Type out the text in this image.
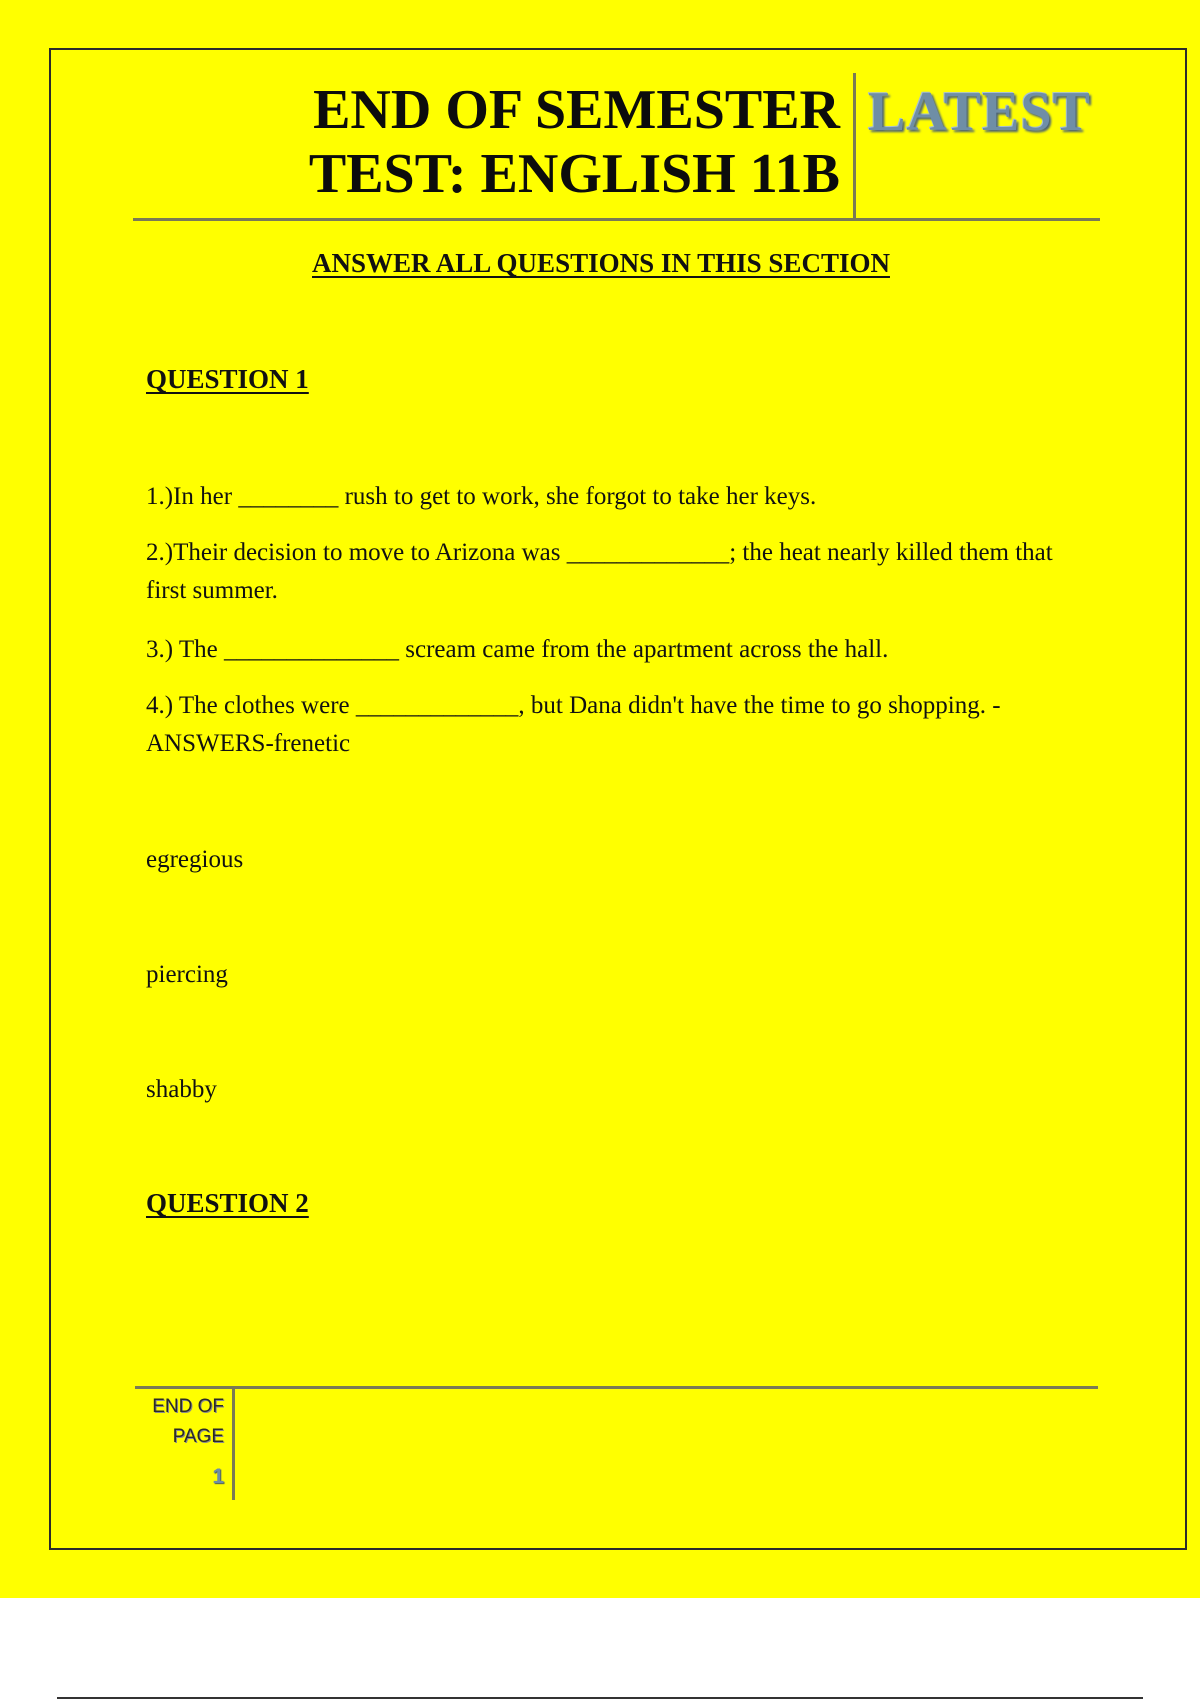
END OF SEMESTER
TEST: ENGLISH 11B
LATEST
ANSWER ALL QUESTIONS IN THIS SECTION
QUESTION 1
1.)In her ________ rush to get to work, she forgot to take her keys.
2.)Their decision to move to Arizona was _____________; the heat nearly killed them that first summer.
3.) The ______________ scream came from the apartment across the hall.
4.) The clothes were _____________, but Dana didn't have the time to go shopping. - ANSWERS-frenetic
egregious
piercing
shabby
QUESTION 2
END OF
PAGE
1
